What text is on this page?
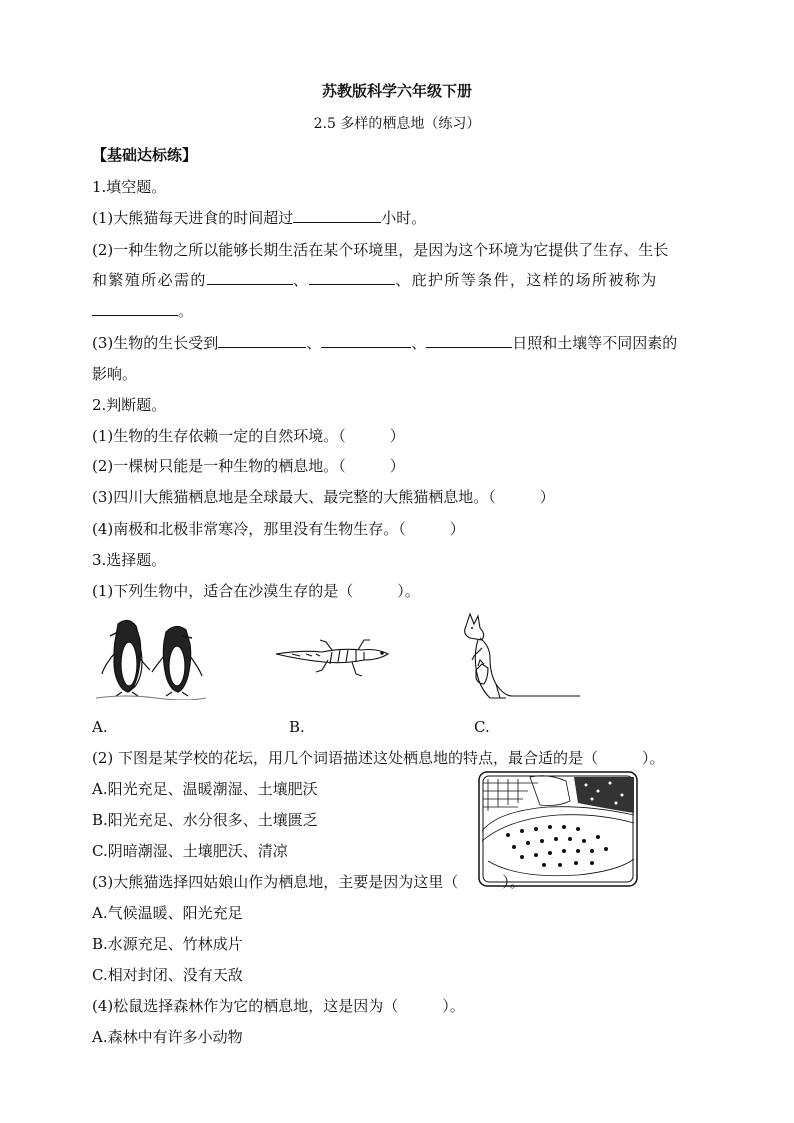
苏教版科学六年级下册
2.5 多样的栖息地（练习）
【基础达标练】
1.填空题。
(1)大熊猫每天进食的时间超过	小时。
(2)一种生物之所以能够长期生活在某个环境里，是因为这个环境为它提供了生存、生长
和繁殖所必需的	、	、庇护所等条件，这样的场所被称为
。
(3)生物的生长受到	、	、	日照和土壤等不同因素的
影响。
2.判断题。
(1)生物的生存依赖一定的自然环境。（	）
(2)一棵树只能是一种生物的栖息地。（	）
(3)四川大熊猫栖息地是全球最大、最完整的大熊猫栖息地。（	）
(4)南极和北极非常寒冷，那里没有生物生存。（	）
3.选择题。
(1)下列生物中，适合在沙漠生存的是（	）。
A.	B.	C.
(2) 下图是某学校的花坛，用几个词语描述这处栖息地的特点，最合适的是（	）。
A.阳光充足、温暖潮湿、土壤肥沃
B.阳光充足、水分很多、土壤匮乏
C.阴暗潮湿、土壤肥沃、清凉
(3)大熊猫选择四姑娘山作为栖息地，主要是因为这里（	）。
A.气候温暖、阳光充足
B.水源充足、竹林成片
C.相对封闭、没有天敌
(4)松鼠选择森林作为它的栖息地，这是因为（	）。
A.森林中有许多小动物
